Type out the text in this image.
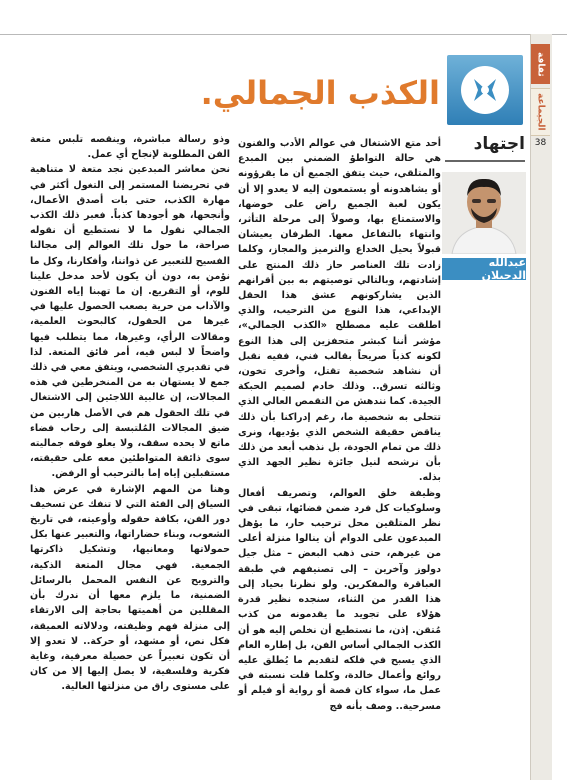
ثقافة
الجيماعة
38
اجتهاد
عبدالله الدحيلان
الكذب الجمالي.

أحد متع الاشتغال في عوالم الأدب والفنون هي حالة التواطؤ الضمني بين المبدع والمتلقي، حيث يتفق الجميع أن ما يقرؤونه أو يشاهدونه أو يستمعون إليه لا يعدو إلا أن يكون لعبة الجميع راض على خوضها، والاستمتاع بها، وصولاً إلى مرحلة التأثر، وانتهاء بالتفاعل معها. الطرفان يعيشان قبولاً يحيل الخداع والترميز والمجاز، وكلما زادت تلك العناصر حاز ذلك المنتج على إشادتهم، وبالتالي توصيتهم به بين أقرانهم الذين يشاركونهم عشق هذا الحقل الإبداعي، هذا النوع من الترحيب، والذي اطلقت عليه مصطلح «الكذب الجمالي»، مؤشر أننا كبشر متحفزين إلى هذا النوع لكونه كذباً صريحاً بقالب فني، ففيه نقبل أن نشاهد شخصية تقتل، وأخرى تخون، وثالثه تسرق.. وذلك خادم لصميم الحبكة الجيدة. كما نندهش من التقمص العالي الذي تتحلى به شخصية ما، رغم إدراكنا بأن ذلك يناقض حقيقة الشخص الذي يؤديها، ونرى ذلك من تمام الجودة، بل نذهب أبعد من ذلك بأن نرشحه لنيل جائزة نظير الجهد الذي بذله.

وظيفة خلق العوالم، وتصريف أفعال وسلوكيات كل فرد ضمن فضائها، تبقى في نظر المتلقين محل ترحيب حار، ما يؤهل المبدعون على الدوام أن ينالوا منزلة أعلى من غيرهم، حتى ذهب البعض – مثل جيل دولوز وآخرين – إلى تصنيفهم في طبقة العباقرة والمفكرين. ولو نظرنا بحياد إلى هذا القدر من الثناء، سنجده نظير قدرة هؤلاء على تجويد ما يقدمونه من كذب مُتقن. إذن، ما نستطيع أن نخلص إليه هو أن الكذب الجمالي أساس الفن، بل إطاره العام الذي يسبح في فلكه لتقديم ما يُطلق عليه روائع وأعمال خالدة، وكلما قلت نسبته في عمل ما، سواء كان قصة أو رواية أو فيلم أو مسرحية.. وصف بأنه فج

وذو رسالة مباشرة، وينقصه تلبس متعة الفن المطلوبة لإنجاح أي عمل.

نحن معاشر المبدعين نجد متعة لا متناهية في تحريضنا المستمر إلى التغول أكثر في مهارة الكذب، حتى بات أصدق الأعمال، وأنجحها، هو أجودها كذباً. فعبر ذلك الكذب الجمالي نقول ما لا نستطيع أن نقوله صراحة، ما حول تلك العوالم إلى مجالنا الفسيح للتعبير عن ذواتنا، وأفكارنا، وكل ما نؤمن به، دون أن يكون لأحد مدخل علينا للوم، أو التقريع. إن ما تهبنا إياه الفنون والآداب من حرية يصعب الحصول عليها في غيرها من الحقول، كالبحوث العلمية، ومقالات الرأي، وغيرها، مما يتطلب فيها واضحاً لا لبس فيه، أمر فائق المتعة. لذا في تقديري الشخصي، ويتفق معي في ذلك جمع لا يستهان به من المنخرطين في هذه المجالات، إن غالبية اللاجئين إلى الاشتغال في تلك الحقول هم في الأصل هاربين من ضيق المجالات المُلتبسة إلى رحاب فضاء ماتع لا يحده سقف، ولا يعلو فوقه جماليته سوى ذائقة المتواطئين معه على حقيقته، مستقبلين إياه إما بالترحيب أو الرفض.

وهنا من المهم الإشارة في عرض هذا السياق إلى الفئة التي لا تنفك عن تسخيف دور الفن، بكافة حقوله وأوعيته، في تاريخ الشعوب، وبناء حضاراتها، والتعبير عنها بكل حمولاتها ومعانيها، وتشكيل ذاكرتها الجمعية. فهي مجال المتعة الذكية، والترويح عن النفس المحمل بالرسائل الضمنية، ما يلزم معها أن ندرك بأن المقللين من أهميتها بحاجة إلى الارتقاء إلى منزلة فهم وظيفته، ودلالاته العميقة، فكل نص، أو مشهد، أو حركة.. لا تعدو إلا أن تكون تعبيراً عن حصيلة معرفية، وغاية فكرية وفلسفية، لا يصل إليها إلا من كان على مستوى راق من منزلتها العالية.
